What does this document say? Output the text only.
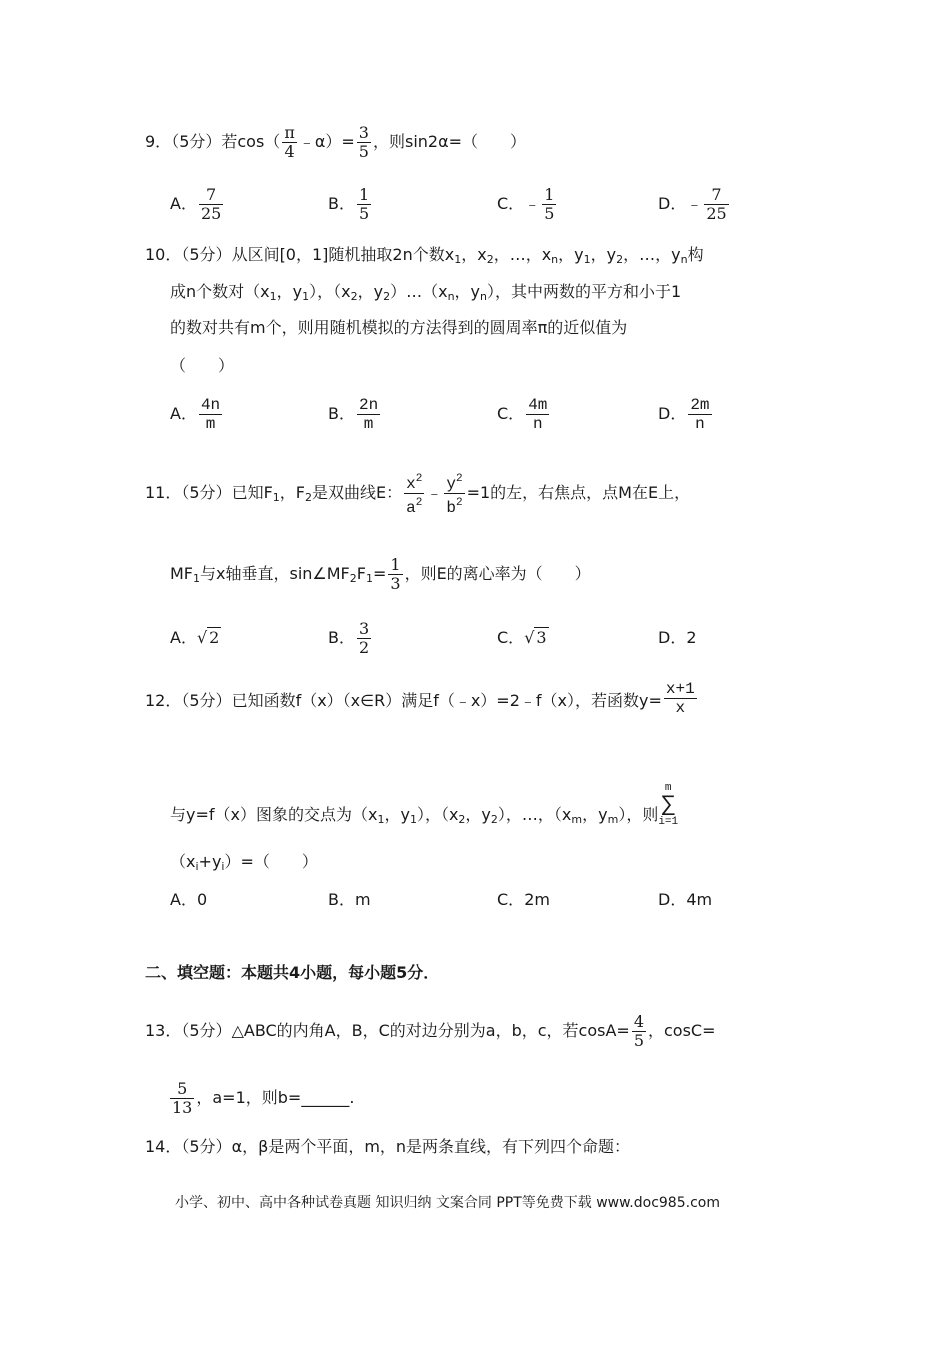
9．（5分）若$\cos( \frac{\pi}{4}$ ﹣α）= $\frac{3}{5}$ ，则sin2α=（　　）
A． $\frac{7}{25}$	B． $\frac{1}{5}$	C．﹣ $\frac{1}{5}$	D．﹣ $\frac{7}{25}$
10．（5分）从区间[0，1]随机抽取2n个数$x_1$，$x_2$，…，$x_n$，$y_1$，$y_2$，…，$y_n$构
成n个数对（$x_1$，$y_1$），（$x_2$，$y_2)\dots(x_n$，$y_n$），其中两数的平方和小于1
的数对共有m个，则用随机模拟的方法得到的圆周率π的近似值为
（　　）
A． $\frac{4n}{m}$	B． $\frac{2n}{m}$	C． $\frac{4m}{n}$	D． $\frac{2m}{n}$
11．（5分）已知$F_1$，$F_2$是双曲线E： $\frac{x^2}{a^2}$ ﹣ $\frac{y^2}{b^2} =1$的左，右焦点，点M在E上，
$MF_1$与x轴垂直，$\sin\angle MF_2F_1= \frac{1}{3}$ ，则E的离心率为（　　）
A．√ 2	B． $\frac{3}{2}$	C．√ 3	D．2
12．（5分）已知函数f（x）（x∈R）满足f（﹣x）=2﹣f（x），若函数$y= \frac{x+1}{x}$
与y=f（x）图象的交点为（$x_1$，$y_1$），（$x_2$，$y_2$），…，（$x_m$，$y_m$），则
m
∑
i=1
$(x_i+y_i)=$（　　）
A．0	B．m	C．2m	D．4m
二、填空题：本题共4小题，每小题5分．
13．（5分）△ABC的内角A，B，C的对边分别为a，b，c，若$\cos A= \frac{4}{5}$ ，cosC=
$\frac{5}{13}$ ，a=1，则b=______.
14．（5分）α，β是两个平面，m，n是两条直线，有下列四个命题：
小学、初中、高中各种试卷真题 知识归纳 文案合同 PPT等免费下载 www.doc985.com
